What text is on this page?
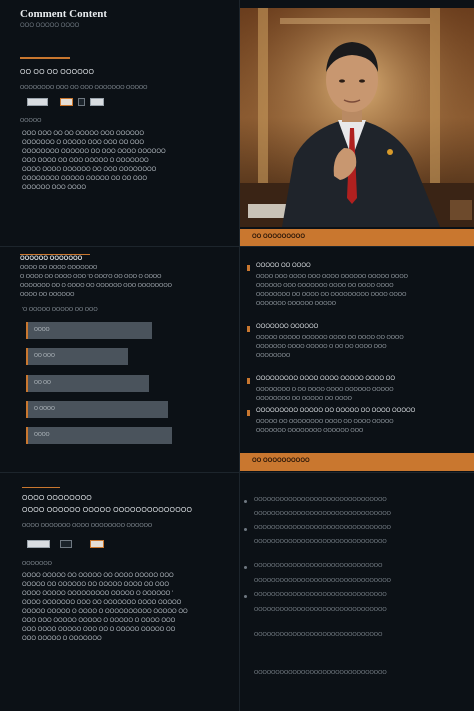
Comment Content
OOO OOOOO OOOO
OO OO OO OOOOOO
OOOOOOOO OOO OO OOO OOOOOOO OOOOO
OOOOO
OOO OOO OO OO OOOOO OOO OOOOOO
OOOOOOO O OOOOO OOO OOO OO OOO
OOOOOOOO OOOOOO OO OOO OOOO OOOOOO
OOO OOOO OO OOO OOOOO O OOOOOOO
OOOO OOOO OOOOOO OO OOO OOOOOOOO
OOOOOOOO OOOOO OOOOO OO OO OOO
OOOOOO OOO OOOO
OO OOOOOOOOO
OOOOOO OOOOOOO
OOOO OO OOOO OOOOOOO
O OOOO OO OOOO OOO 'O OOO'O OO OOO O OOOO
OOOOOOO OO O OOOO OO OOOOOO OOO OOOOOOOO
OOOO OO OOOOOO
'O OOOOO OOOOO OO OOO
OOOO
OO OOO
OO OO
O OOOO
OOOO
OOOOO OO OOOO
OOOO OOO OOOO OOO OOOO OOOOOO OOOOO OOOO
OOOOOO OOO OOOOOOO OOOO OO OOOO OOOO
OOOOOOOO OO OOOO OO OOOOOOOOO OOOO OOOO
OOOOOOO OOOOOO OOOOO
OOOOOOO OOOOOO
OOOOO OOOOO OOOOOO OOOO OO OOOO OO OOOO
OOOOOOO OOOO OOOOO O OO OO OOOO OOO
OOOOOOOO
OOOOOOOOO OOOO OOOO OOOOO OOOO OO
OOOOOOOO O OO OOOO OOOO OOOOOO OOOOO
OOOOOOOO OO OOOOO OO OOOO
OOOOOOOOO OOOOO OO OOOOO OO OOOO OOOOO
OOOOO OO OOOOOOOO OOOO OO OOOO OOOOO
OOOOOOO OOOOOOOO OOOOOO OOO
OO OOOOOOOOOO
OOOO OOOOOOOO
OOOO OOOOOO OOOOO OOOOOOOOOOOOOO
OOOO OOOOOOO OOOO OOOOOOOO OOOOOO
OOOOOOO
OOOO OOOOO OO OOOOO OO OOOO OOOOO OOO
OOOOO OO OOOOOO OO OOOOO OOOO OO OOO
OOOO OOOOO OOOOOOOOO OOOOO O OOOOOO '
OOOO OOOOOOO OOO OO OOOOOOO OOOO OOOOO
OOOOO OOOOO O OOOO O OOOOOOOOOO OOOOO OO
OOO OOO OOOOO OOOOO O OOOOO O OOOO OOO
OOO OOOO OOOOO OOO OO O OOOOO OOOOO OO
OOO OOOOO O OOOOOOO
OOOOOOOOOOOOOOOOOOOOOOOOOOOOOOO
OOOOOOOOOOOOOOOOOOOOOOOOOOOOOOOO
OOOOOOOOOOOOOOOOOOOOOOOOOOOOOOOO
OOOOOOOOOOOOOOOOOOOOOOOOOOOOOOO
OOOOOOOOOOOOOOOOOOOOOOOOOOOOOO
OOOOOOOOOOOOOOOOOOOOOOOOOOOOOOOO
OOOOOOOOOOOOOOOOOOOOOOOOOOOOOOO
OOOOOOOOOOOOOOOOOOOOOOOOOOOOOOO
OOOOOOOOOOOOOOOOOOOOOOOOOOOOOO
OOOOOOOOOOOOOOOOOOOOOOOOOOOOOOO
